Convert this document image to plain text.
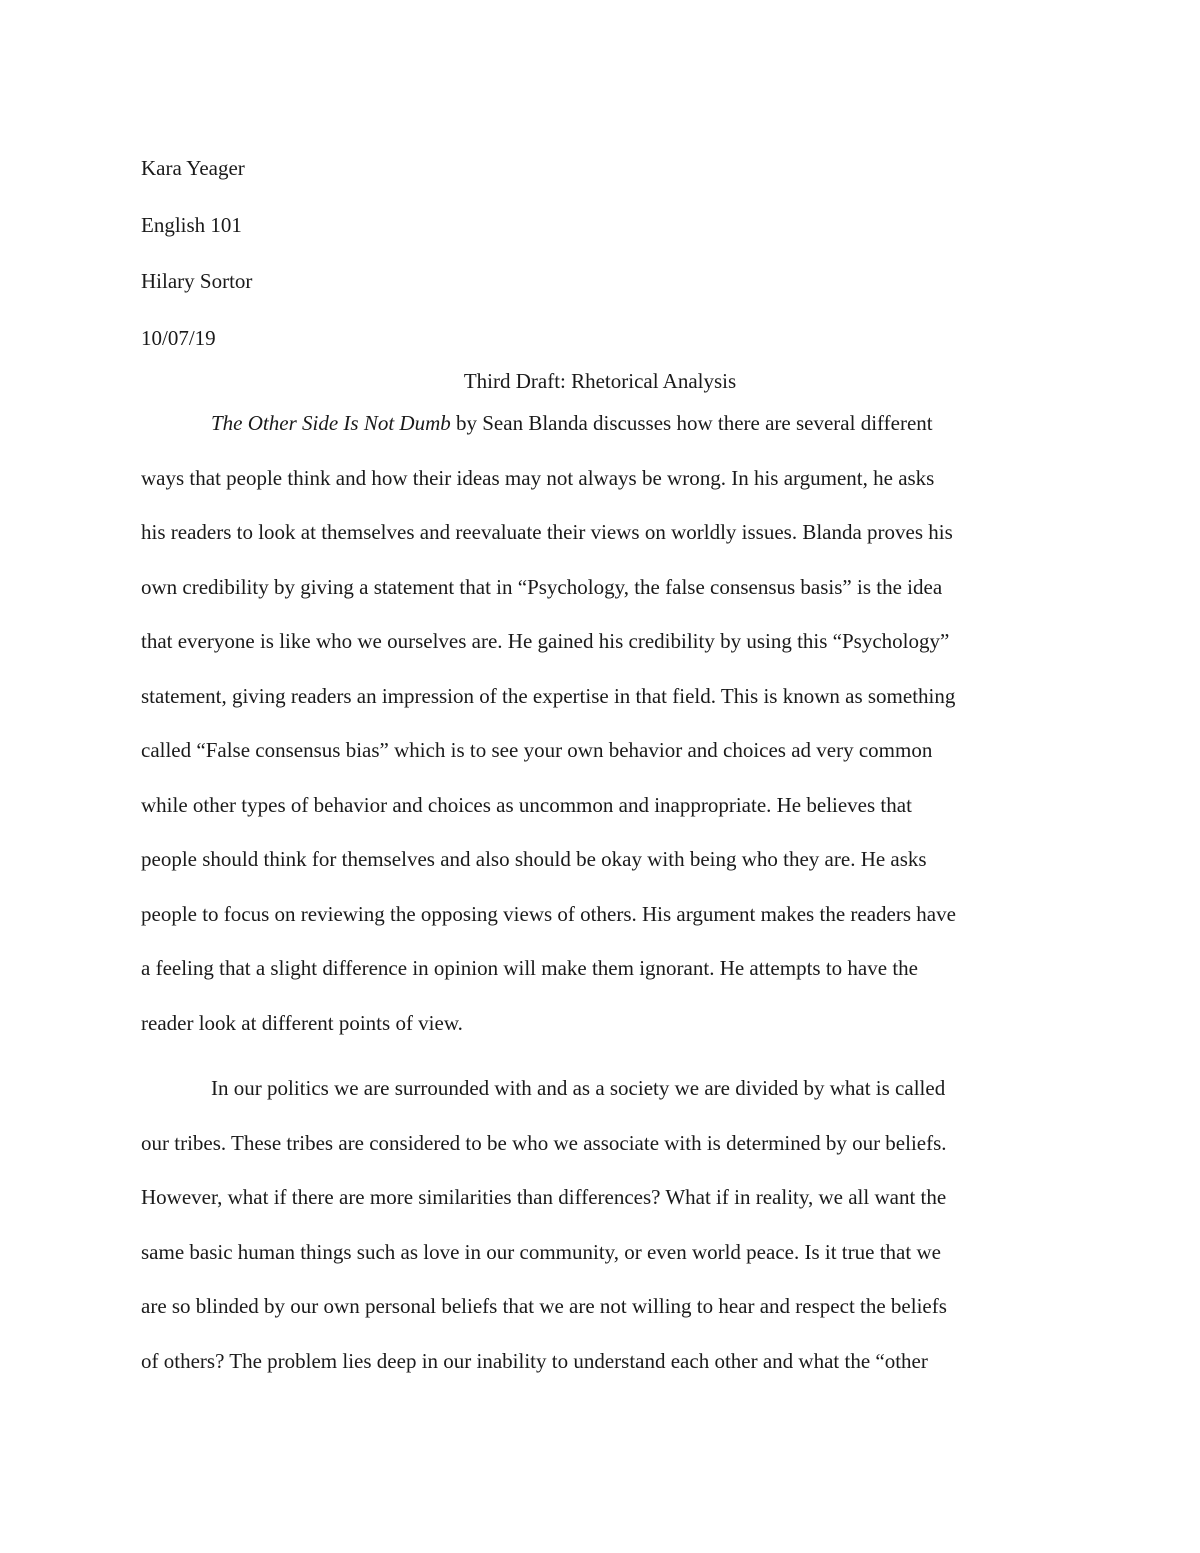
Kara Yeager
English 101
Hilary Sortor
10/07/19
Third Draft: Rhetorical Analysis
The Other Side Is Not Dumb by Sean Blanda discusses how there are several different
ways that people think and how their ideas may not always be wrong. In his argument, he asks
his readers to look at themselves and reevaluate their views on worldly issues. Blanda proves his
own credibility by giving a statement that in “Psychology, the false consensus basis” is the idea
that everyone is like who we ourselves are. He gained his credibility by using this “Psychology”
statement, giving readers an impression of the expertise in that field. This is known as something
called “False consensus bias” which is to see your own behavior and choices ad very common
while other types of behavior and choices as uncommon and inappropriate. He believes that
people should think for themselves and also should be okay with being who they are. He asks
people to focus on reviewing the opposing views of others. His argument makes the readers have
a feeling that a slight difference in opinion will make them ignorant. He attempts to have the
reader look at different points of view.
In our politics we are surrounded with and as a society we are divided by what is called
our tribes. These tribes are considered to be who we associate with is determined by our beliefs.
However, what if there are more similarities than differences? What if in reality, we all want the
same basic human things such as love in our community, or even world peace. Is it true that we
are so blinded by our own personal beliefs that we are not willing to hear and respect the beliefs
of others? The problem lies deep in our inability to understand each other and what the “other
